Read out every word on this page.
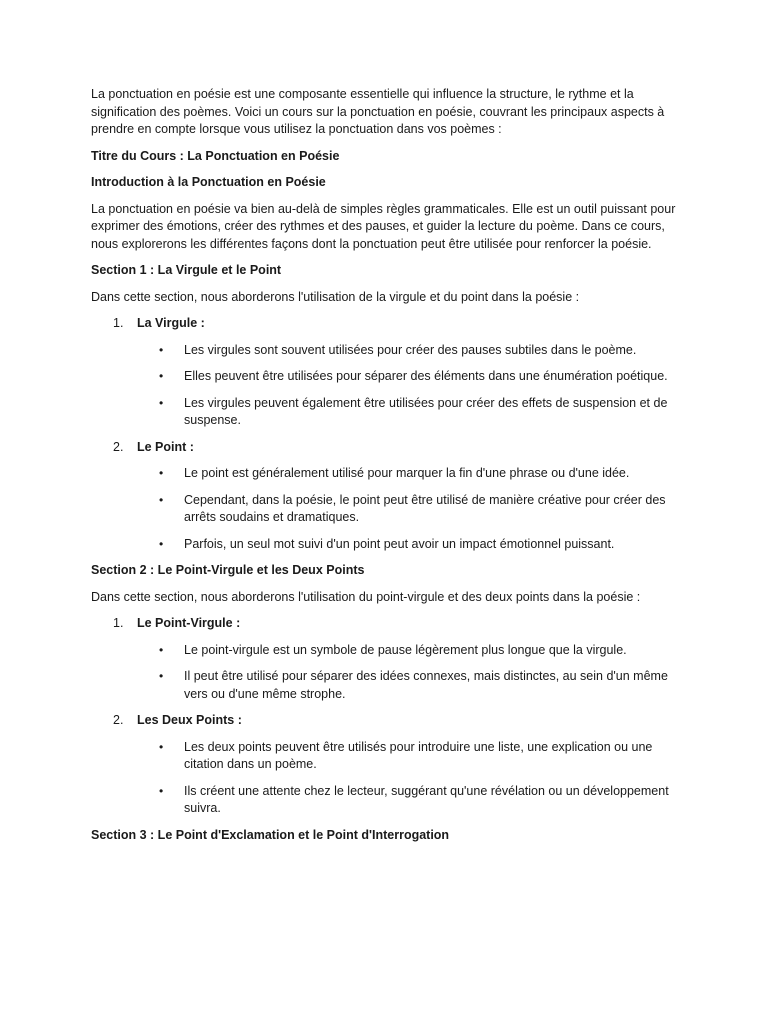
La ponctuation en poésie est une composante essentielle qui influence la structure, le rythme et la signification des poèmes. Voici un cours sur la ponctuation en poésie, couvrant les principaux aspects à prendre en compte lorsque vous utilisez la ponctuation dans vos poèmes :

Titre du Cours : La Ponctuation en Poésie

Introduction à la Ponctuation en Poésie

La ponctuation en poésie va bien au-delà de simples règles grammaticales. Elle est un outil puissant pour exprimer des émotions, créer des rythmes et des pauses, et guider la lecture du poème. Dans ce cours, nous explorerons les différentes façons dont la ponctuation peut être utilisée pour renforcer la poésie.

Section 1 : La Virgule et le Point

Dans cette section, nous aborderons l'utilisation de la virgule et du point dans la poésie :

1. La Virgule :

• Les virgules sont souvent utilisées pour créer des pauses subtiles dans le poème.
• Elles peuvent être utilisées pour séparer des éléments dans une énumération poétique.
• Les virgules peuvent également être utilisées pour créer des effets de suspension et de suspense.
2. Le Point :

• Le point est généralement utilisé pour marquer la fin d'une phrase ou d'une idée.
• Cependant, dans la poésie, le point peut être utilisé de manière créative pour créer des arrêts soudains et dramatiques.
• Parfois, un seul mot suivi d'un point peut avoir un impact émotionnel puissant.

Section 2 : Le Point-Virgule et les Deux Points

Dans cette section, nous aborderons l'utilisation du point-virgule et des deux points dans la poésie :

1. Le Point-Virgule :

• Le point-virgule est un symbole de pause légèrement plus longue que la virgule.
• Il peut être utilisé pour séparer des idées connexes, mais distinctes, au sein d'un même vers ou d'une même strophe.
2. Les Deux Points :

• Les deux points peuvent être utilisés pour introduire une liste, une explication ou une citation dans un poème.
• Ils créent une attente chez le lecteur, suggérant qu'une révélation ou un développement suivra.

Section 3 : Le Point d'Exclamation et le Point d'Interrogation
